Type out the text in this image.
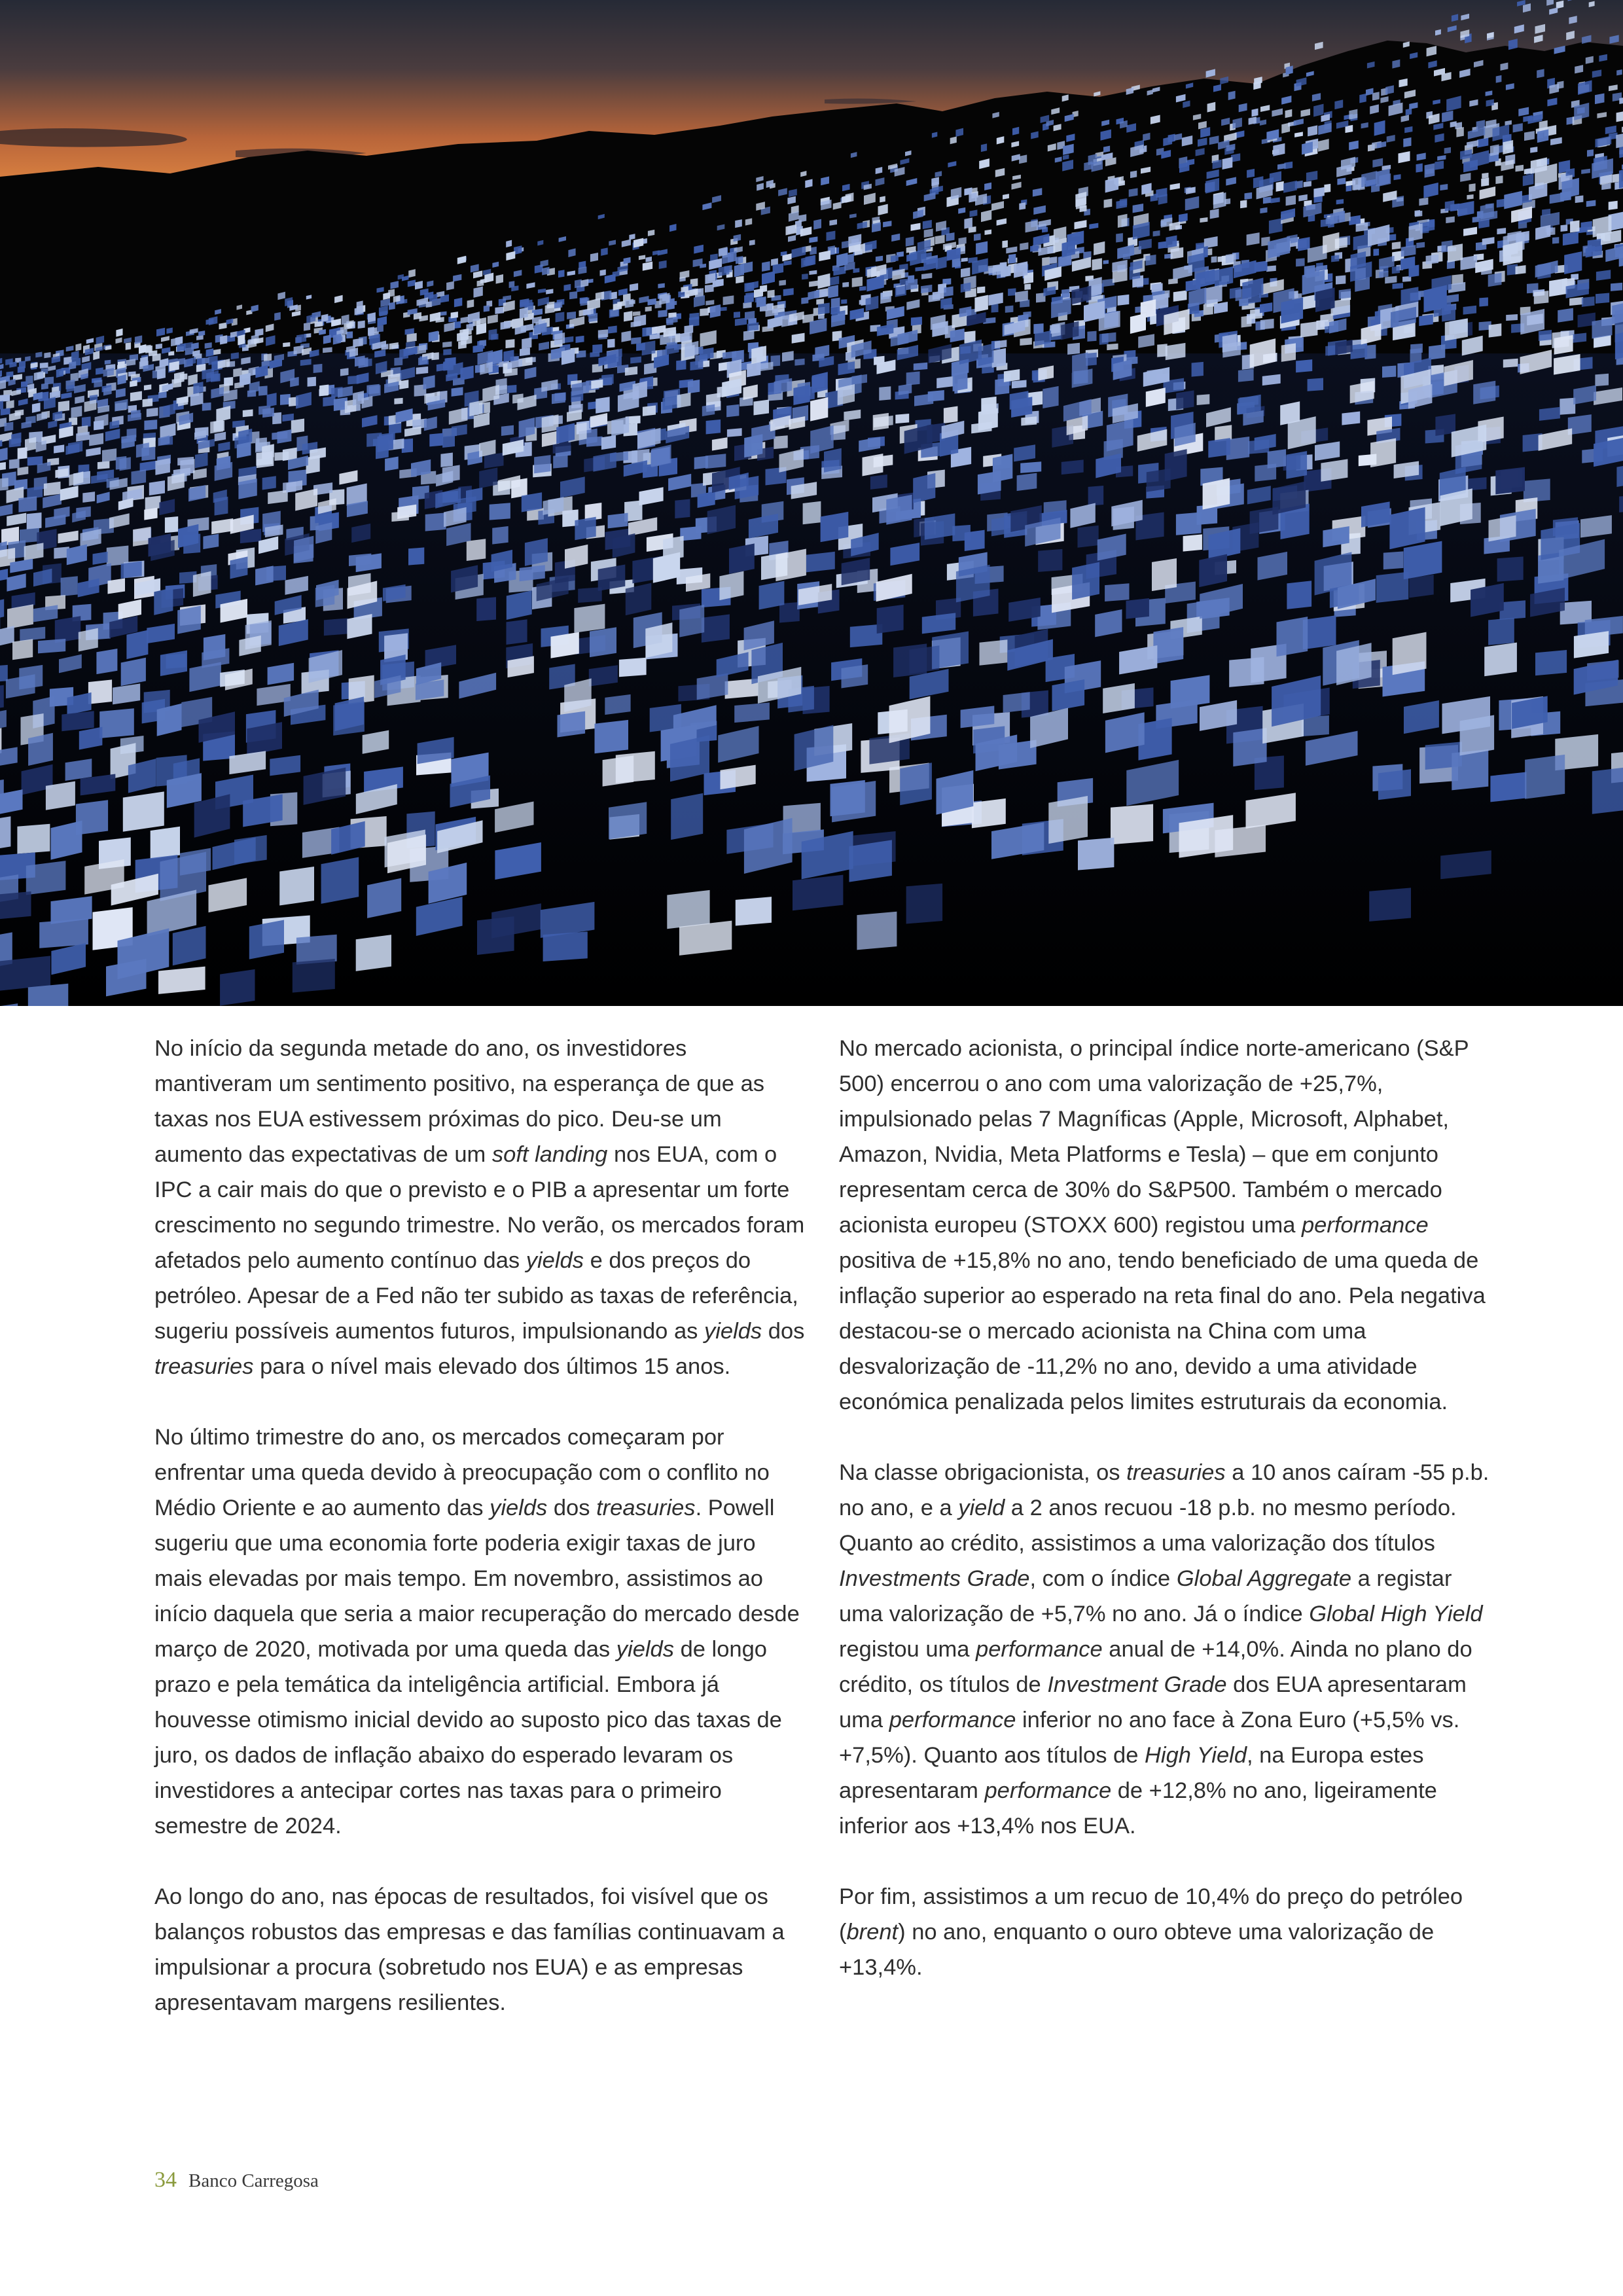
No início da segunda metade do ano, os investidores mantiveram um sentimento positivo, na esperança de que as taxas nos EUA estivessem próximas do pico. Deu-se um aumento das expectativas de um soft landing nos EUA, com o IPC a cair mais do que o previsto e o PIB a apresentar um forte crescimento no segundo trimestre. No verão, os mercados foram afetados pelo aumento contínuo das yields e dos preços do petróleo. Apesar de a Fed não ter subido as taxas de referência, sugeriu possíveis aumentos futuros, impulsionando as yields dos treasuries para o nível mais elevado dos últimos 15 anos.

No último trimestre do ano, os mercados começaram por enfrentar uma queda devido à preocupação com o conflito no Médio Oriente e ao aumento das yields dos treasuries. Powell sugeriu que uma economia forte poderia exigir taxas de juro mais elevadas por mais tempo. Em novembro, assistimos ao início daquela que seria a maior recuperação do mercado desde março de 2020, motivada por uma queda das yields de longo prazo e pela temática da inteligência artificial. Embora já houvesse otimismo inicial devido ao suposto pico das taxas de juro, os dados de inflação abaixo do esperado levaram os investidores a antecipar cortes nas taxas para o primeiro semestre de 2024.

Ao longo do ano, nas épocas de resultados, foi visível que os balanços robustos das empresas e das famílias continuavam a impulsionar a procura (sobretudo nos EUA) e as empresas apresentavam margens resilientes.

No mercado acionista, o principal índice norte-americano (S&P 500) encerrou o ano com uma valorização de +25,7%, impulsionado pelas 7 Magníficas (Apple, Microsoft, Alphabet, Amazon, Nvidia, Meta Platforms e Tesla) – que em conjunto representam cerca de 30% do S&P500. Também o mercado acionista europeu (STOXX 600) registou uma performance positiva de +15,8% no ano, tendo beneficiado de uma queda de inflação superior ao esperado na reta final do ano. Pela negativa destacou-se o mercado acionista na China com uma desvalorização de -11,2% no ano, devido a uma atividade económica penalizada pelos limites estruturais da economia.

Na classe obrigacionista, os treasuries a 10 anos caíram -55 p.b. no ano, e a yield a 2 anos recuou -18 p.b. no mesmo período. Quanto ao crédito, assistimos a uma valorização dos títulos Investments Grade, com o índice Global Aggregate a registar uma valorização de +5,7% no ano. Já o índice Global High Yield registou uma performance anual de +14,0%. Ainda no plano do crédito, os títulos de Investment Grade dos EUA apresentaram uma performance inferior no ano face à Zona Euro (+5,5% vs. +7,5%). Quanto aos títulos de High Yield, na Europa estes apresentaram performance de +12,8% no ano, ligeiramente inferior aos +13,4% nos EUA.

Por fim, assistimos a um recuo de 10,4% do preço do petróleo (brent) no ano, enquanto o ouro obteve uma valorização de +13,4%.

34 Banco Carregosa
